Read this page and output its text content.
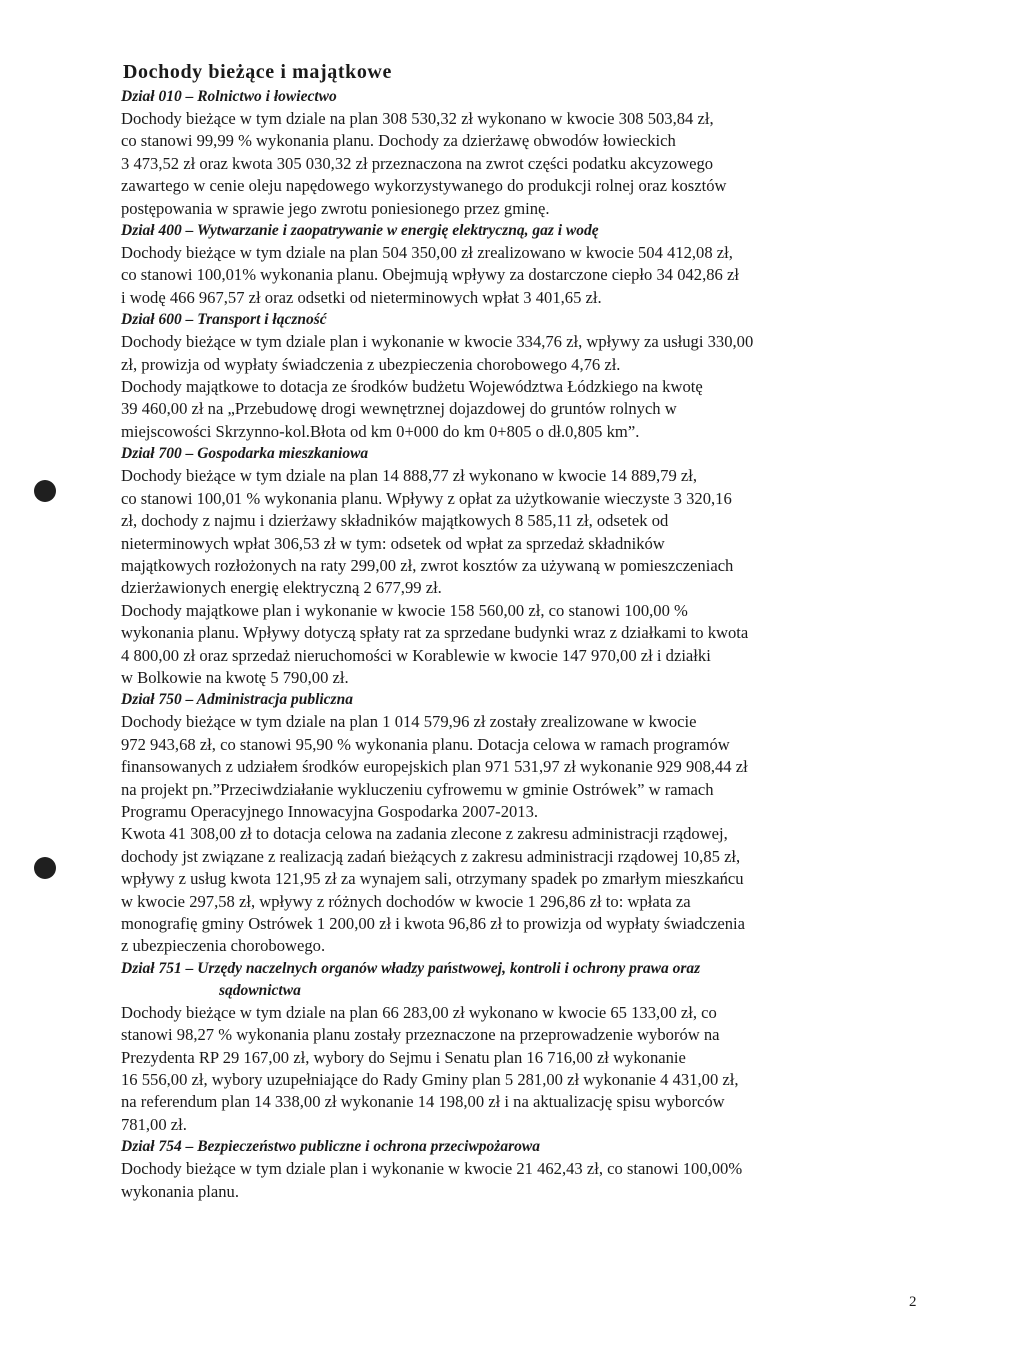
Dochody bieżące i majątkowe
Dział 010 – Rolnictwo i łowiectwo
Dochody bieżące w tym dziale na plan 308 530,32 zł wykonano w kwocie 308 503,84 zł,
co stanowi 99,99 % wykonania planu. Dochody za dzierżawę obwodów łowieckich
3 473,52 zł oraz kwota 305 030,32 zł przeznaczona na zwrot części podatku akcyzowego
zawartego w cenie oleju napędowego wykorzystywanego do produkcji rolnej oraz kosztów
postępowania w sprawie jego zwrotu poniesionego przez gminę.
Dział 400 – Wytwarzanie i zaopatrywanie w energię elektryczną, gaz i wodę
Dochody bieżące w tym dziale na plan 504 350,00 zł zrealizowano w kwocie 504 412,08 zł,
co stanowi 100,01% wykonania planu. Obejmują wpływy za dostarczone ciepło 34 042,86 zł
i wodę 466 967,57 zł oraz odsetki od nieterminowych wpłat 3 401,65 zł.
Dział 600 – Transport i łączność
Dochody bieżące w tym dziale plan i wykonanie w kwocie 334,76 zł, wpływy za usługi 330,00
zł, prowizja od wypłaty świadczenia z ubezpieczenia chorobowego 4,76 zł.
Dochody majątkowe to dotacja ze środków budżetu Województwa Łódzkiego na kwotę
39 460,00 zł na „Przebudowę drogi wewnętrznej dojazdowej do gruntów rolnych w
miejscowości Skrzynno-kol.Błota od km 0+000 do km 0+805 o dł.0,805 km”.
Dział 700 – Gospodarka mieszkaniowa
Dochody bieżące w tym dziale na plan 14 888,77 zł wykonano w kwocie 14 889,79 zł,
co stanowi 100,01 % wykonania planu. Wpływy z opłat za użytkowanie wieczyste 3 320,16
zł, dochody z najmu i dzierżawy składników majątkowych 8 585,11 zł, odsetek od
nieterminowych wpłat 306,53 zł w tym: odsetek od wpłat za sprzedaż składników
majątkowych rozłożonych na raty 299,00 zł, zwrot kosztów za używaną w pomieszczeniach
dzierżawionych energię elektryczną 2 677,99 zł.
Dochody majątkowe plan i wykonanie w kwocie 158 560,00 zł, co stanowi 100,00 %
wykonania planu. Wpływy dotyczą spłaty rat za sprzedane budynki wraz z działkami to kwota
4 800,00 zł oraz sprzedaż nieruchomości w Korablewie w kwocie 147 970,00 zł i działki
w Bolkowie na kwotę 5 790,00 zł.
Dział 750 – Administracja publiczna
Dochody bieżące w tym dziale na plan 1 014 579,96 zł zostały zrealizowane w kwocie
972 943,68 zł, co stanowi 95,90 % wykonania planu. Dotacja celowa w ramach programów
finansowanych z udziałem środków europejskich plan 971 531,97 zł wykonanie 929 908,44 zł
na projekt pn.”Przeciwdziałanie wykluczeniu cyfrowemu w gminie Ostrówek” w ramach
Programu Operacyjnego Innowacyjna Gospodarka 2007-2013.
Kwota 41 308,00 zł to dotacja celowa na zadania zlecone z zakresu administracji rządowej,
dochody jst związane z realizacją zadań bieżących z zakresu administracji rządowej 10,85 zł,
wpływy z usług kwota 121,95 zł za wynajem sali, otrzymany spadek po zmarłym mieszkańcu
w kwocie 297,58 zł, wpływy z różnych dochodów w kwocie 1 296,86 zł to: wpłata za
monografię gminy Ostrówek 1 200,00 zł i kwota 96,86 zł to prowizja od wypłaty świadczenia
z ubezpieczenia chorobowego.
Dział 751 – Urzędy naczelnych organów władzy państwowej, kontroli i ochrony prawa oraz
sądownictwa
Dochody bieżące w tym dziale na plan 66 283,00 zł wykonano w kwocie 65 133,00 zł, co
stanowi 98,27 % wykonania planu zostały przeznaczone na przeprowadzenie wyborów na
Prezydenta RP 29 167,00 zł, wybory do Sejmu i Senatu plan 16 716,00 zł wykonanie
16 556,00 zł, wybory uzupełniające do Rady Gminy plan 5 281,00 zł wykonanie 4 431,00 zł,
na referendum plan 14 338,00 zł wykonanie 14 198,00 zł i na aktualizację spisu wyborców
781,00 zł.
Dział 754 – Bezpieczeństwo publiczne i ochrona przeciwpożarowa
Dochody bieżące w tym dziale plan i wykonanie w kwocie 21 462,43 zł, co stanowi 100,00%
wykonania planu.
2
